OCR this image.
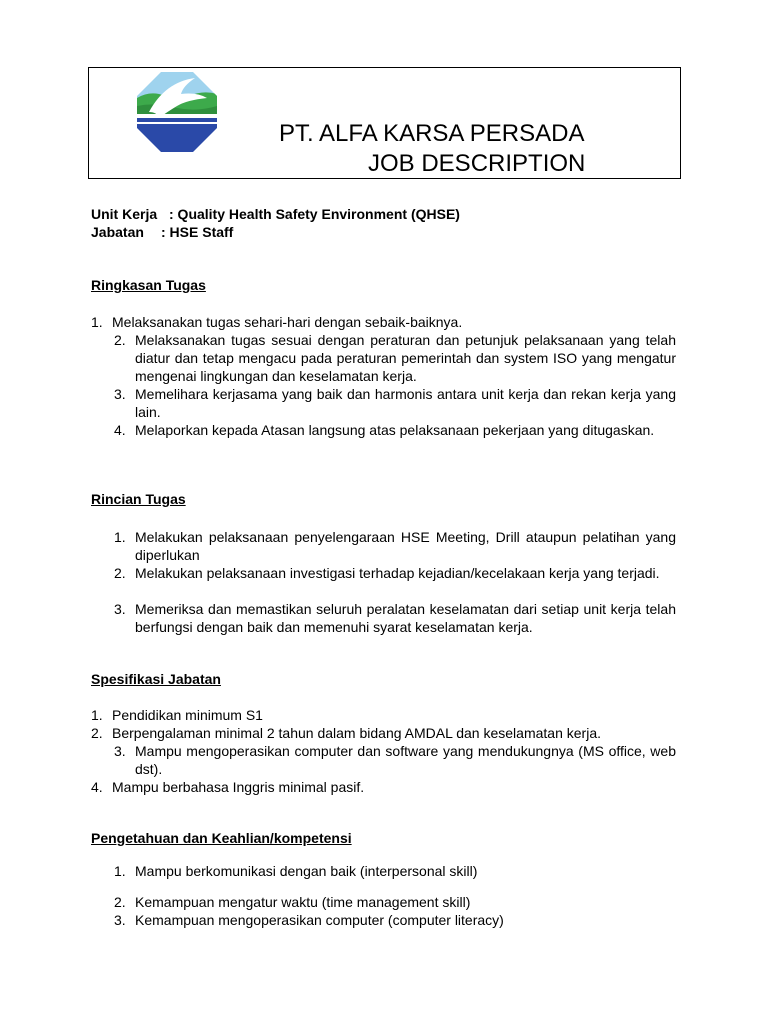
PT. ALFA KARSA PERSADA
JOB DESCRIPTION
Unit Kerja : Quality Health Safety Environment (QHSE)
Jabatan : HSE Staff
Ringkasan Tugas
1. Melaksanakan tugas sehari-hari dengan sebaik-baiknya.
2. Melaksanakan tugas sesuai dengan peraturan dan petunjuk pelaksanaan yang telah diatur dan tetap mengacu pada peraturan pemerintah dan system ISO yang mengatur mengenai lingkungan dan keselamatan kerja.
3. Memelihara kerjasama yang baik dan harmonis antara unit kerja dan rekan kerja yang lain.
4. Melaporkan kepada Atasan langsung atas pelaksanaan pekerjaan yang ditugaskan.
Rincian Tugas
1. Melakukan pelaksanaan penyelengaraan HSE Meeting, Drill ataupun pelatihan yang diperlukan
2. Melakukan pelaksanaan investigasi terhadap kejadian/kecelakaan kerja yang terjadi.
3. Memeriksa dan memastikan seluruh peralatan keselamatan dari setiap unit kerja telah berfungsi dengan baik dan memenuhi syarat keselamatan kerja.
Spesifikasi Jabatan
1. Pendidikan minimum S1
2. Berpengalaman minimal 2 tahun dalam bidang AMDAL dan keselamatan kerja.
3. Mampu mengoperasikan computer dan software yang mendukungnya (MS office, web dst).
4. Mampu berbahasa Inggris minimal pasif.
Pengetahuan dan Keahlian/kompetensi
1. Mampu berkomunikasi dengan baik (interpersonal skill)
2. Kemampuan mengatur waktu (time management skill)
3. Kemampuan mengoperasikan computer (computer literacy)
